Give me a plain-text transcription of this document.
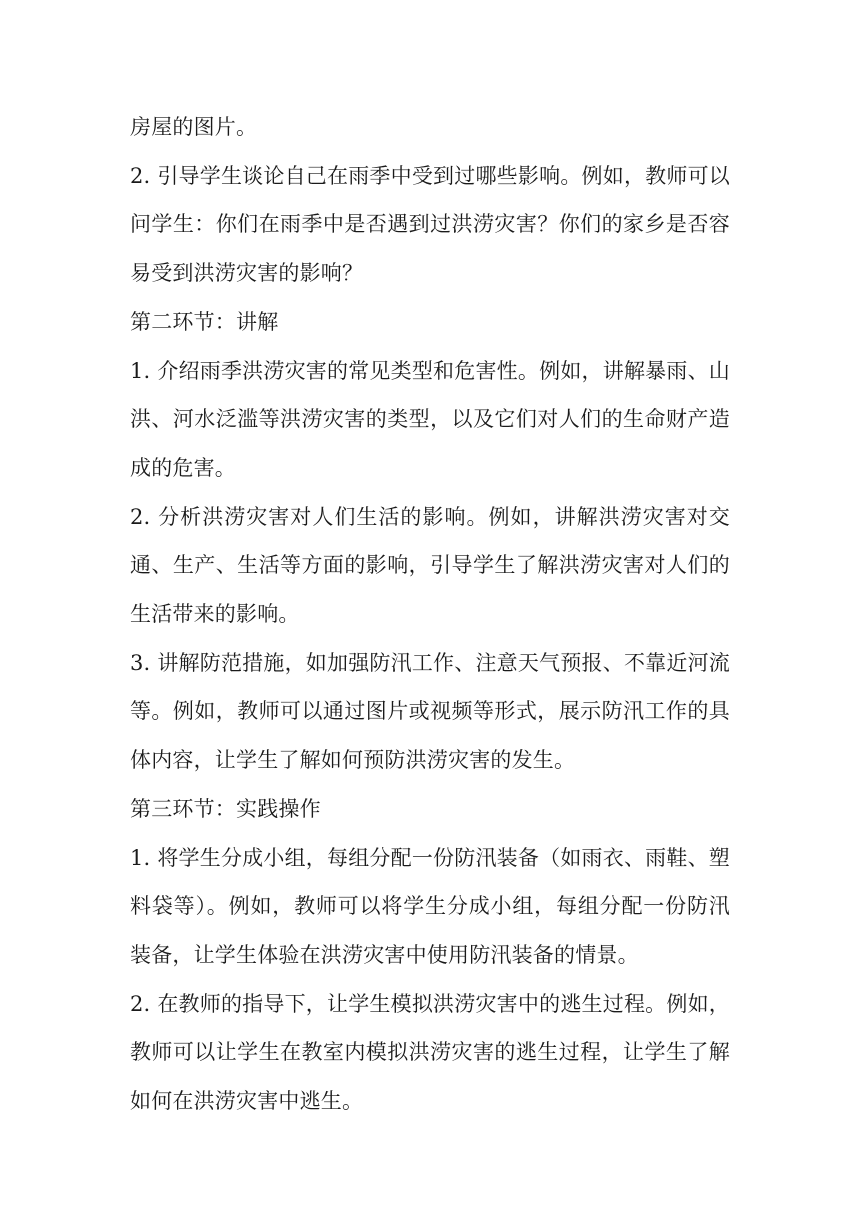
房屋的图片。

2. 引导学生谈论自己在雨季中受到过哪些影响。例如，教师可以问学生：你们在雨季中是否遇到过洪涝灾害？你们的家乡是否容易受到洪涝灾害的影响？

第二环节：讲解

1. 介绍雨季洪涝灾害的常见类型和危害性。例如，讲解暴雨、山洪、河水泛滥等洪涝灾害的类型，以及它们对人们的生命财产造成的危害。

2. 分析洪涝灾害对人们生活的影响。例如，讲解洪涝灾害对交通、生产、生活等方面的影响，引导学生了解洪涝灾害对人们的生活带来的影响。

3. 讲解防范措施，如加强防汛工作、注意天气预报、不靠近河流等。例如，教师可以通过图片或视频等形式，展示防汛工作的具体内容，让学生了解如何预防洪涝灾害的发生。

第三环节：实践操作

1. 将学生分成小组，每组分配一份防汛装备（如雨衣、雨鞋、塑料袋等）。例如，教师可以将学生分成小组，每组分配一份防汛装备，让学生体验在洪涝灾害中使用防汛装备的情景。

2. 在教师的指导下，让学生模拟洪涝灾害中的逃生过程。例如，教师可以让学生在教室内模拟洪涝灾害的逃生过程，让学生了解如何在洪涝灾害中逃生。
